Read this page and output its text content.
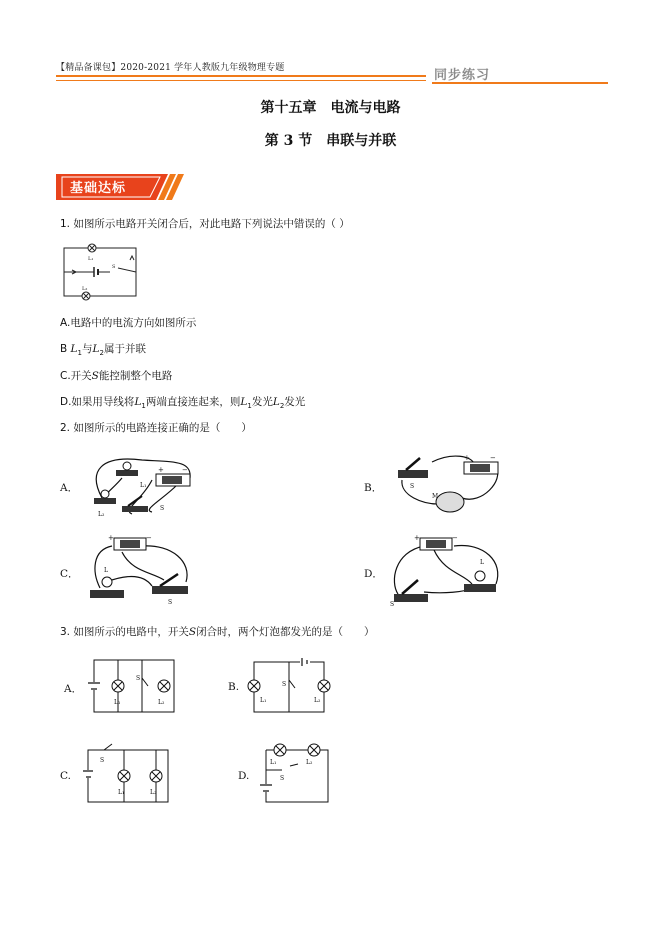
【精品备课包】2020-2021 学年人教版九年级物理专题	同步练习
第十五章　电流与电路
第 3 节　串联与并联
基础达标
1. 如图所示电路开关闭合后，对此电路下列说法中错误的（ ）
L₁
S
L₂
A.电路中的电流方向如图所示
B $L_1$与$L_2$属于并联
C.开关S能控制整个电路
D.如果用导线将$L_1$两端直接连起来，则$L_1$发光$L_2$发光
2. 如图所示的电路连接正确的是（　　）
A．	L₁
L₂
S
+	−
B．	S
M
+	−
C．	L
S
+	−
D．
S
L
+	−
3. 如图所示的电路中，开关S闭合时，两个灯泡都发光的是（　　）
A．
S
L₁	L₂
B.	S
L₁	L₂
C.
S
L₁	L₂
D.
L₁	L₂
S
